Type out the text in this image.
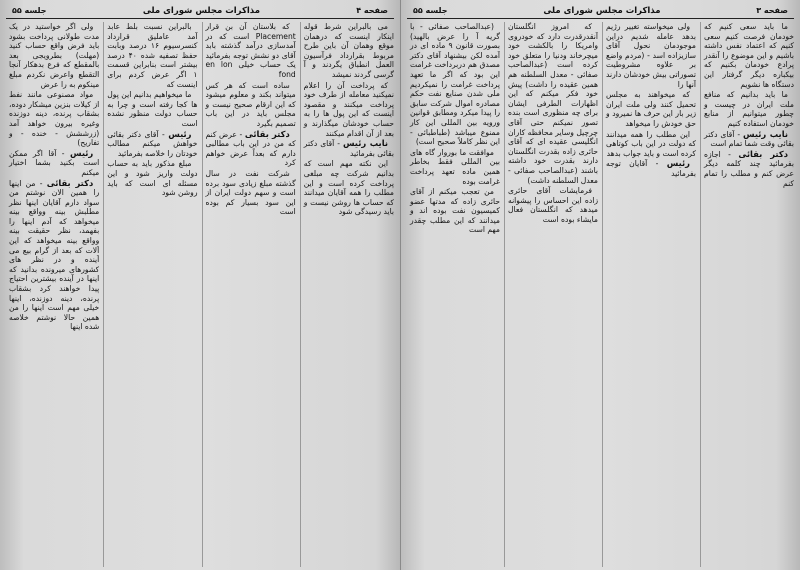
صفحه ۴
مذاکرات مجلس شورای ملی
جلسه ۵۵

می بالبراین شرط قوله اینکار اینست که درهمان موقع وهمان آن باین طرح مربوط بقرارداد فرآسیون العمل انطباق یگردند و آ گرسی گردند نمیشد

که پرداخت آن را اعلام نمیکنید معامله از طرف خود پرداخت میکنند و مقصود اینست که این پول ها را به حساب خودشان میگذارند و بعد از آن اقدام میکنند

نایب رئیس - آقای دکتر بقائی بفرمائید

این نکته مهم است که بدانیم شرکت چه مبلغی پرداخت کرده است و این مطلب را همه آقایان میدانند که حساب ها روشن نیست و باید رسیدگی شود

که بلاستان آن بن قرار Placement است که در آمدسازی درآمد گذشته بابد آقای دو نشش توجه بفرمائید یک حساب خیلی en lon fond

ساده است که هر کس میتواند بکند و معلوم میشود که این ارقام صحیح نیست و مجلس باید در این باب تصمیم بگیرد

دکتر بقائی - عرض کنم که من در این باب مطالبی دارم که بعداً عرض خواهم کرد

شرکت نفت در سال گذشته مبلغ زیادی سود برده است و سهم دولت ایران از این سود بسیار کم بوده است

بالبراین نسبت بلط عابد آمد عاملیق قرارداد کنسرسیوم ۱۶ درصد وبابت حفظ تصفیه شده ۴۰ درصد بیشتر است بنابراین قسمت ۱ اگر عرض کردم برای اینست که

ما میخواهیم بدانیم این پول ها کجا رفته است و چرا به حساب دولت منظور نشده است

رئیس - آقای دکتر بقائی خواهش میکنم مطالب خودتان را خلاصه بفرمائید

مبلغ مذکور باید به حساب دولت واریز شود و این مسئله ای است که باید روشن شود

ولی اگر خواستید در یک مدت طولانی پرداخت بشود باید فرض واقع حساب کنید (مهلت) بطرویجی بعد بالمقطع که فرع بدهکار آنجا التقطع واعرض نکردم مبلغ مینکوم به را عرض

مواد مصنوعی مانند نفط از کیلات بنزین میشکار دوده، بشقاب پرنده، دینه دوزنده وغیره بیرون خواهد آمد (زرششش - خنده - و تفاریح)

رئیس - آقا اگر ممکن است بکنید بشما اختیار میکنم

دکتر بقائی - من اینها را همین الان نوشتم من سواد دارم آقایان اینها نظر مطلبش بینه وواقع بینه میخواهد که آدم اینها را بفهمد، نظر حقیقت بینه وواقع بینه میخواهد که این آلات که بعد از گرام بیع می آینده و در نظر های کشورهای میرونده بدانید که اینها در آینده بیشترین احتیاج پیدا خواهند کرد بشقاب پرنده، دینه دوزنده، اینها خیلی مهم است اینها را من همین حالا نوشتم خلاصه شده اینها

صفحه ۳
مذاکرات مجلس شورای ملی
جلسه ۵۵

ما باید سعی کنیم که خودمان فرصت کنیم سعی کنیم که اعتماد نفس داشته باشیم و این موضوع را آنقدر پرادع خودمان بکنیم که بیکباره دیگر گرفتار این دستگاه ها نشویم

ما باید بدانیم که منافع ملت ایران در چیست و چطور میتوانیم از منابع خودمان استفاده کنیم

نایب رئیس - آقای دکتر بقائی وقت شما تمام است

دکتر بقائی - اجازه بفرمائید چند کلمه دیگر عرض کنم و مطلب را تمام کنم

ولی میخواسته تغییر رژیم بدهد عامله شدیم دراین موجودمان نحول آقای سازیزاده اسد - (مردم واضع بر علاوه مشروطیت تصوراتی بیش خودشان دارند آنها را

که میخواهند به مجلس تحمیل کنند ولی ملت ایران زیر بار این حرف ها نمیرود و حق خودش را میخواهد

این مطلب را همه میدانند که دولت در این باب کوتاهی کرده است و باید جواب بدهد

رئیس - آقایان توجه بفرمائید

که امروز انگلستان آنقدرقدرت دارد که خودروی وامریکا را بالکشت خود میچرخاند ودنیا را متعلق خود کرده است (عبدالصاحب صفائی - معدل السلطنه هم همین عقیده را داشت) پیش خود فکر میکنم که این اظهارات الطرفی ایشان برای چه منظوری است بنده تصور نمیکنم حتی آقای چرچیل وسایر محافظه کاران انگلیسی عقیده ای که آقای حائری زاده بقدرت انگلستان دارند بقدرت خود داشته باشند (عبدالصاحب صفائی - معدل السلطنه داشت)

فرمایشات آقای حائری زاده این احساس را پیشوانه میدهد که انگلستان فعال مایشاء بوده است

(عبدالصاحب صفائی - با گریه آ را عرض بالهید) بصورت قانون ۹ ماده ای در آمده لکن بیشنهاد آقای دکتر مصدق هم دربرداخت غرامت این بود که اگر ما تعهد پرداخت غرامت را نمیکردیم ملی شدن صنایع نفت حکم مصادره اموال شرکت سابق را پیدا میکرد ومطابق قوانین ورویه بین المللی این کار ممنوع میباشد (طباطبائی - این نظر کاملاً صحیح است)

موافقت ما بوروار گاه های بین المللی فقط بخاطر همین ماده تعهد پرداخت غرامت بوده

من تعجب میکنم از آقای حائری زاده که مدتها عضو کمیسیون نفت بوده اند و میدانند که این مطلب چقدر مهم است
